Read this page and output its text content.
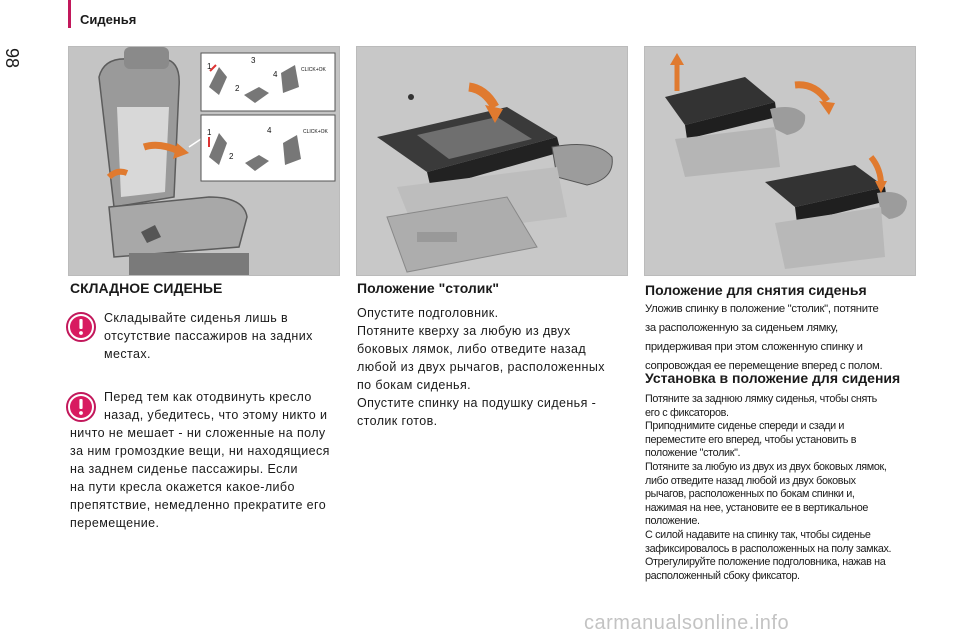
Сиденья
98	1
2
3
4	CLICK+OK
1
2
4	CLICK+OK
СКЛАДНОЕ СИДЕНЬЕ
Складывайте сиденья лишь в
отсутствие пассажиров на задних
местах.
Перед тем как отодвинуть кресло
назад, убедитесь, что этому никто и
ничто не мешает - ни сложенные на полу
за ним громоздкие вещи, ни находящиеся
на заднем сиденье пассажиры. Если
на пути кресла окажется какое-либо
препятствие, немедленно прекратите его
перемещение.
Положение "столик"
Опустите подголовник.
Потяните кверху за любую из двух
боковых лямок, либо отведите назад
любой из двух рычагов, расположенных
по бокам сиденья.
Опустите спинку на подушку сиденья -
столик готов.
Положение для снятия сиденья
Уложив спинку в положение "столик", потяните
за расположенную за сиденьем лямку,
придерживая при этом сложенную спинку и
сопровождая ее перемещение вперед с полом.
Установка в положение для сидения
Потяните за заднюю лямку сиденья, чтобы снять
его с фиксаторов.
Приподнимите сиденье спереди и сзади и
переместите его вперед, чтобы установить в
положение "столик".
Потяните за любую из двух из двух боковых лямок,
либо отведите назад любой из двух боковых
рычагов, расположенных по бокам спинки и,
нажимая на нее, установите ее в вертикальное
положение.
С силой надавите на спинку так, чтобы сиденье
зафиксировалось в расположенных на полу замках.
Отрегулируйте положение подголовника, нажав на
расположенный сбоку фиксатор.
carmanualsonline.info
